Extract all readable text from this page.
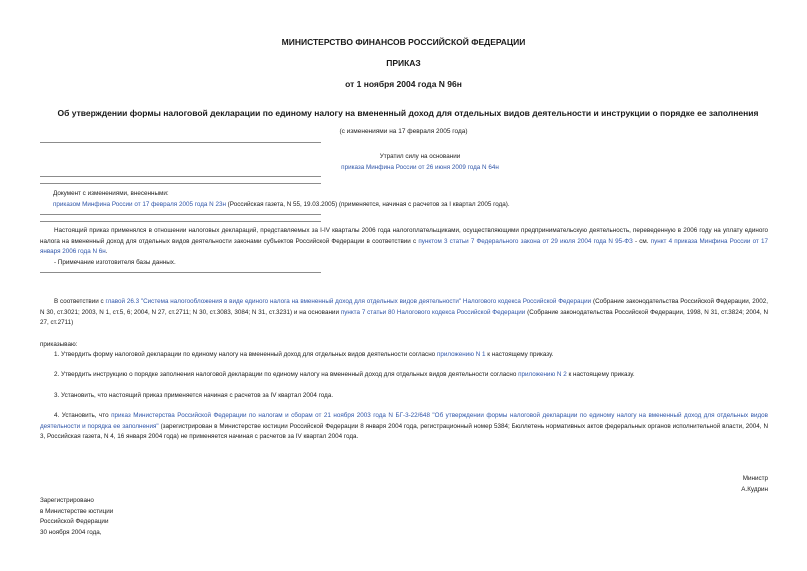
МИНИСТЕРСТВО ФИНАНСОВ РОССИЙСКОЙ ФЕДЕРАЦИИ
ПРИКАЗ
от 1 ноября 2004 года N 96н
Об утверждении формы налоговой декларации по единому налогу на вмененный доход для отдельных видов деятельности и инструкции о порядке ее заполнения
(с изменениями на 17 февраля 2005 года)
Утратил силу на основании
приказа Минфина России от 26 июня 2009 года N 64н
Документ с изменениями, внесенными:
приказом Минфина России от 17 февраля 2005 года N 23н (Российская газета, N 55, 19.03.2005) (применяется, начиная с расчетов за I квартал 2005 года).
Настоящий приказ применялся в отношении налоговых деклараций, представляемых за I-IV кварталы 2006 года налогоплательщиками, осуществляющими предпринимательскую деятельность, переведенную в 2006 году на уплату единого налога на вмененный доход для отдельных видов деятельности законами субъектов Российской Федерации в соответствии с пунктом 3 статьи 7 Федерального закона от 29 июля 2004 года N 95-ФЗ - см. пункт 4 приказа Минфина России от 17 января 2006 года N 6н.
- Примечание изготовителя базы данных.
В соответствии с главой 26.3 "Система налогообложения в виде единого налога на вмененный доход для отдельных видов деятельности" Налогового кодекса Российской Федерации (Собрание законодательства Российской Федерации, 2002, N 30, ст.3021; 2003, N 1, ст.5, 6; 2004, N 27, ст.2711; N 30, ст.3083, 3084; N 31, ст.3231) и на основании пункта 7 статьи 80 Налогового кодекса Российской Федерации (Собрание законодательства Российской Федерации, 1998, N 31, ст.3824; 2004, N 27, ст.2711)
приказываю:
1. Утвердить форму налоговой декларации по единому налогу на вмененный доход для отдельных видов деятельности согласно приложению N 1 к настоящему приказу.
2. Утвердить инструкцию о порядке заполнения налоговой декларации по единому налогу на вмененный доход для отдельных видов деятельности согласно приложению N 2 к настоящему приказу.
3. Установить, что настоящий приказ применяется начиная с расчетов за IV квартал 2004 года.
4. Установить, что приказ Министерства Российской Федерации по налогам и сборам от 21 ноября 2003 года N БГ-3-22/648 "Об утверждении формы налоговой декларации по единому налогу на вмененный доход для отдельных видов деятельности и порядка ее заполнения" (зарегистрирован в Министерстве юстиции Российской Федерации 8 января 2004 года, регистрационный номер 5384; Бюллетень нормативных актов федеральных органов исполнительной власти, 2004, N 3, Российская газета, N 4, 16 января 2004 года) не применяется начиная с расчетов за IV квартал 2004 года.
Министр
А.Кудрин
Зарегистрировано
в Министерстве юстиции
Российской Федерации
30 ноября 2004 года,
